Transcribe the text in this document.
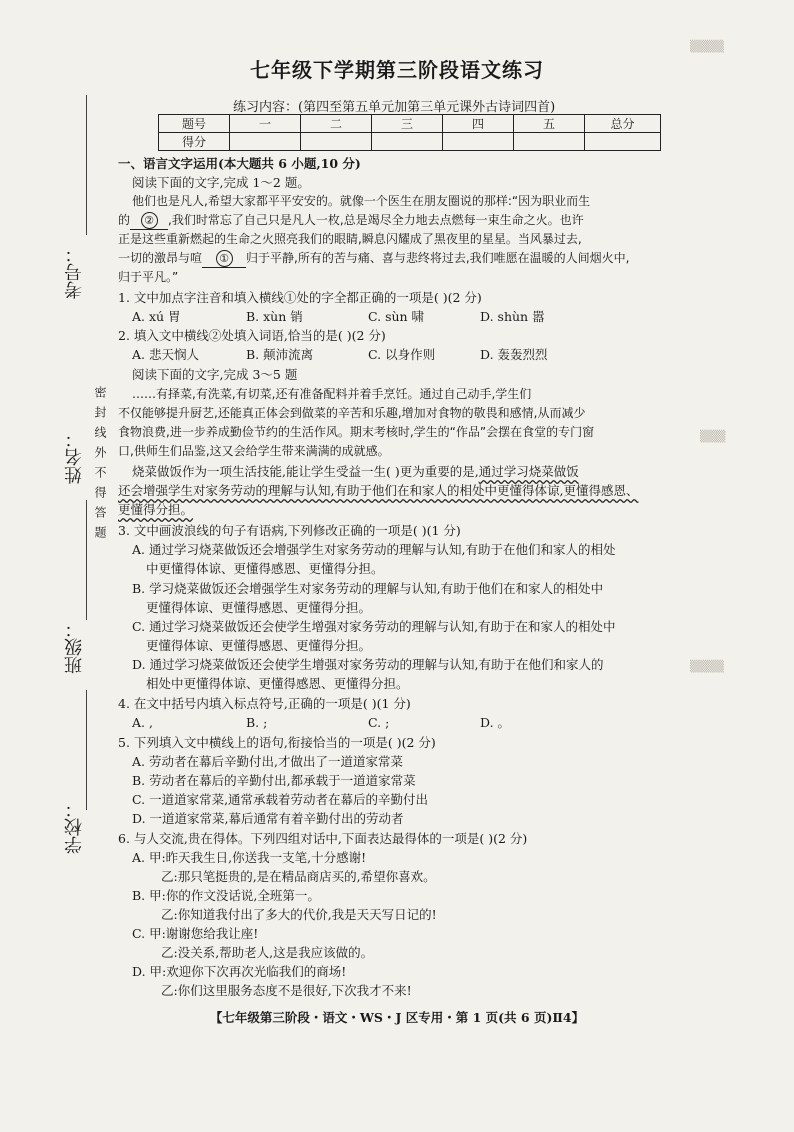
▒▒▒▒
▒▒▒
▒▒▒▒
考号：
姓名：
班级：
学校：
密封线外不得答题
七年级下学期第三阶段语文练习
练习内容：(第四至第五单元加第三单元课外古诗词四首)
题号	一	二	三	四	五	总分
得分						
一、语言文字运用(本大题共 6 小题,10 分)
阅读下面的文字,完成 1～2 题。
他们也是凡人,希望大家都平平安安的。就像一个医生在朋友圈说的那样:“因为职业而生
的 ② ,我们时常忘了自己只是凡人一枚,总是竭尽全力地去点燃每一束生命之火。也许
正是这些重新燃起的生命之火照亮我们的眼睛,瞬息闪耀成了黑夜里的星星。当风暴过去,
一切的激昂与喧 ① 归于平静,所有的苦与痛、喜与悲终将过去,我们唯愿在温暖的人间烟火中,
归于平凡。”
1. 文中加点字注音和填入横线①处的字全都正确的一项是( )(2 分)
A. xú 胃	B. xùn 销	C. sùn 啸	D. shùn 嚣
2. 填入文中横线②处填入词语,恰当的是( )(2 分)
A. 悲天悯人	B. 颠沛流离	C. 以身作则	D. 轰轰烈烈
阅读下面的文字,完成 3～5 题
……有择菜,有洗菜,有切菜,还有准备配料并着手烹饪。通过自己动手,学生们
不仅能够提升厨艺,还能真正体会到做菜的辛苦和乐趣,增加对食物的敬畏和感情,从而减少
食物浪费,进一步养成勤俭节约的生活作风。期末考核时,学生的“作品”会摆在食堂的专门窗
口,供师生们品鉴,这又会给学生带来满满的成就感。
烧菜做饭作为一项生活技能,能让学生受益一生( )更为重要的是,通过学习烧菜做饭
还会增强学生对家务劳动的理解与认知,有助于他们在和家人的相处中更懂得体谅,更懂得感恩、
更懂得分担。
3. 文中画波浪线的句子有语病,下列修改正确的一项是( )(1 分)
A. 通过学习烧菜做饭还会增强学生对家务劳动的理解与认知,有助于在他们和家人的相处
中更懂得体谅、更懂得感恩、更懂得分担。
B. 学习烧菜做饭还会增强学生对家务劳动的理解与认知,有助于他们在和家人的相处中
更懂得体谅、更懂得感恩、更懂得分担。
C. 通过学习烧菜做饭还会使学生增强对家务劳动的理解与认知,有助于在和家人的相处中
更懂得体谅、更懂得感恩、更懂得分担。
D. 通过学习烧菜做饭还会使学生增强对家务劳动的理解与认知,有助于在他们和家人的
相处中更懂得体谅、更懂得感恩、更懂得分担。
4. 在文中括号内填入标点符号,正确的一项是( )(1 分)
A. ,	B. ;	C. ;	D. 。
5. 下列填入文中横线上的语句,衔接恰当的一项是( )(2 分)
A. 劳动者在幕后辛勤付出,才做出了一道道家常菜
B. 劳动者在幕后的辛勤付出,都承载于一道道家常菜
C. 一道道家常菜,通常承载着劳动者在幕后的辛勤付出
D. 一道道家常菜,幕后通常有着辛勤付出的劳动者
6. 与人交流,贵在得体。下列四组对话中,下面表达最得体的一项是( )(2 分)
A. 甲:昨天我生日,你送我一支笔,十分感谢!
乙:那只笔挺贵的,是在精品商店买的,希望你喜欢。
B. 甲:你的作文没话说,全班第一。
乙:你知道我付出了多大的代价,我是天天写日记的!
C. 甲:谢谢您给我让座!
乙:没关系,帮助老人,这是我应该做的。
D. 甲:欢迎你下次再次光临我们的商场!
乙:你们这里服务态度不是很好,下次我才不来!
【七年级第三阶段・语文・WS・J 区专用・第 1 页(共 6 页)Ⅱ4】
